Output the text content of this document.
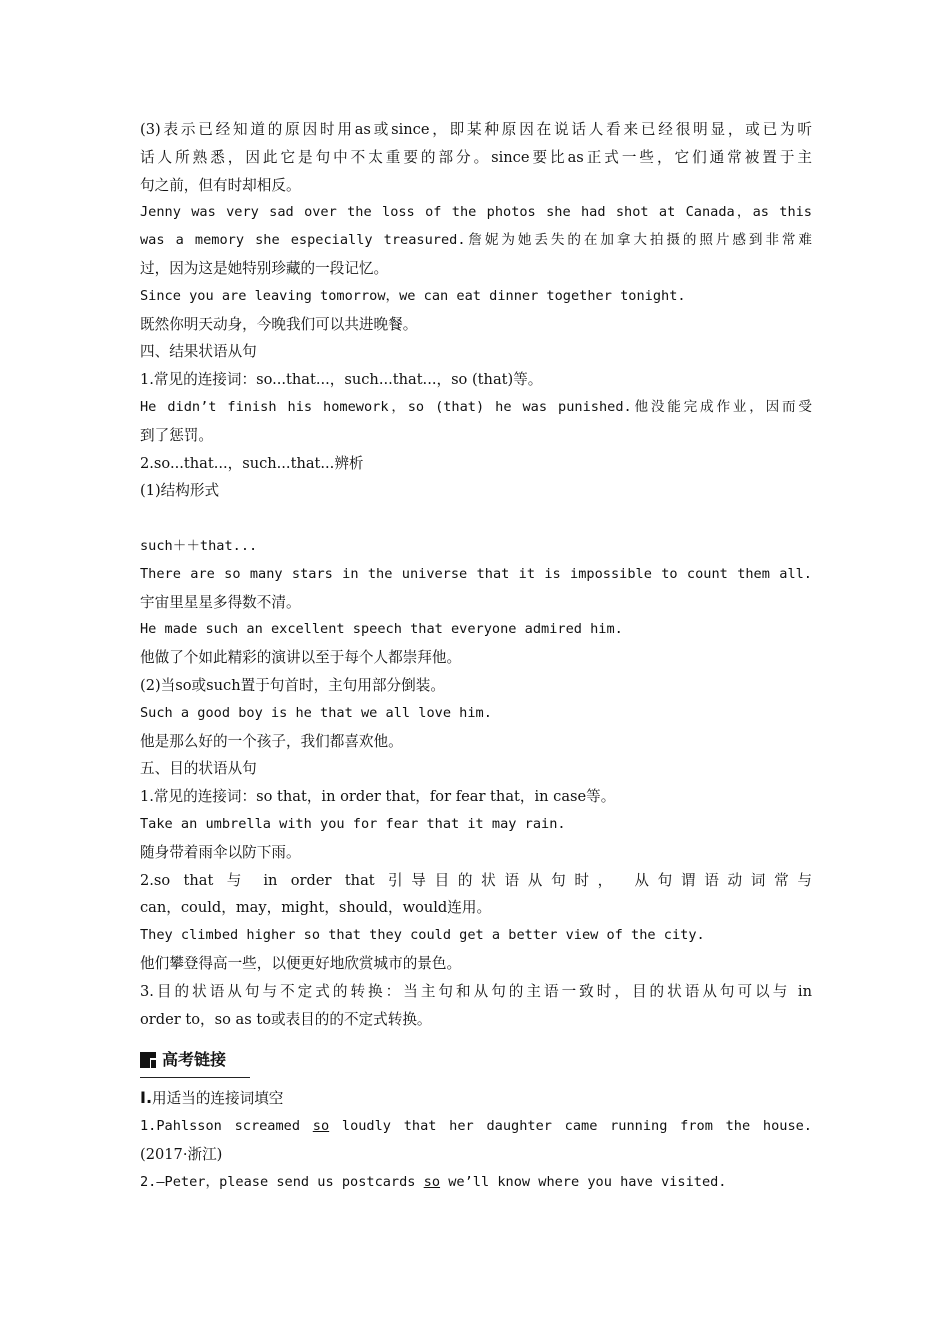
(3)表示已经知道的原因时用as或since，即某种原因在说话人看来已经很明显，或已为听
话人所熟悉，因此它是句中不太重要的部分。since要比as正式一些，它们通常被置于主
句之前，但有时却相反。
Jenny was very sad over the loss of the photos she had shot at Canada，as this
was a memory she especially treasured.詹妮为她丢失的在加拿大拍摄的照片感到非常难
过，因为这是她特别珍藏的一段记忆。
Since you are leaving tomorrow，we can eat dinner together tonight.
既然你明天动身，今晚我们可以共进晚餐。
四、结果状语从句
1.常见的连接词：so...that...，such...that...，so (that)等。
He didn’t finish his homework，so (that) he was punished.他没能完成作业，因而受
到了惩罚。
2.so...that...，such...that...辨析
(1)结构形式
such＋＋that...
There are so many stars in the universe that it is impossible to count them all.
宇宙里星星多得数不清。
He made such an excellent speech that everyone admired him.
他做了个如此精彩的演讲以至于每个人都崇拜他。
(2)当so或such置于句首时，主句用部分倒装。
Such a good boy is he that we all love him.
他是那么好的一个孩子，我们都喜欢他。
五、目的状语从句
1.常见的连接词：so that，in order that，for fear that，in case等。
Take an umbrella with you for fear that it may rain.
随身带着雨伞以防下雨。
2.so that 与 in order that 引导目的状语从句时， 从句谓语动词常与
can，could，may，might，should，would连用。
They climbed higher so that they could get a better view of the city.
他们攀登得高一些，以便更好地欣赏城市的景色。
3.目的状语从句与不定式的转换：当主句和从句的主语一致时，目的状语从句可以与 in
order to，so as to或表目的的不定式转换。
高考链接
Ⅰ.用适当的连接词填空
1.Pahlsson screamed so loudly that her daughter came running from the house.
(2017·浙江)
2.—Peter，please send us postcards so we’ll know where you have visited.
